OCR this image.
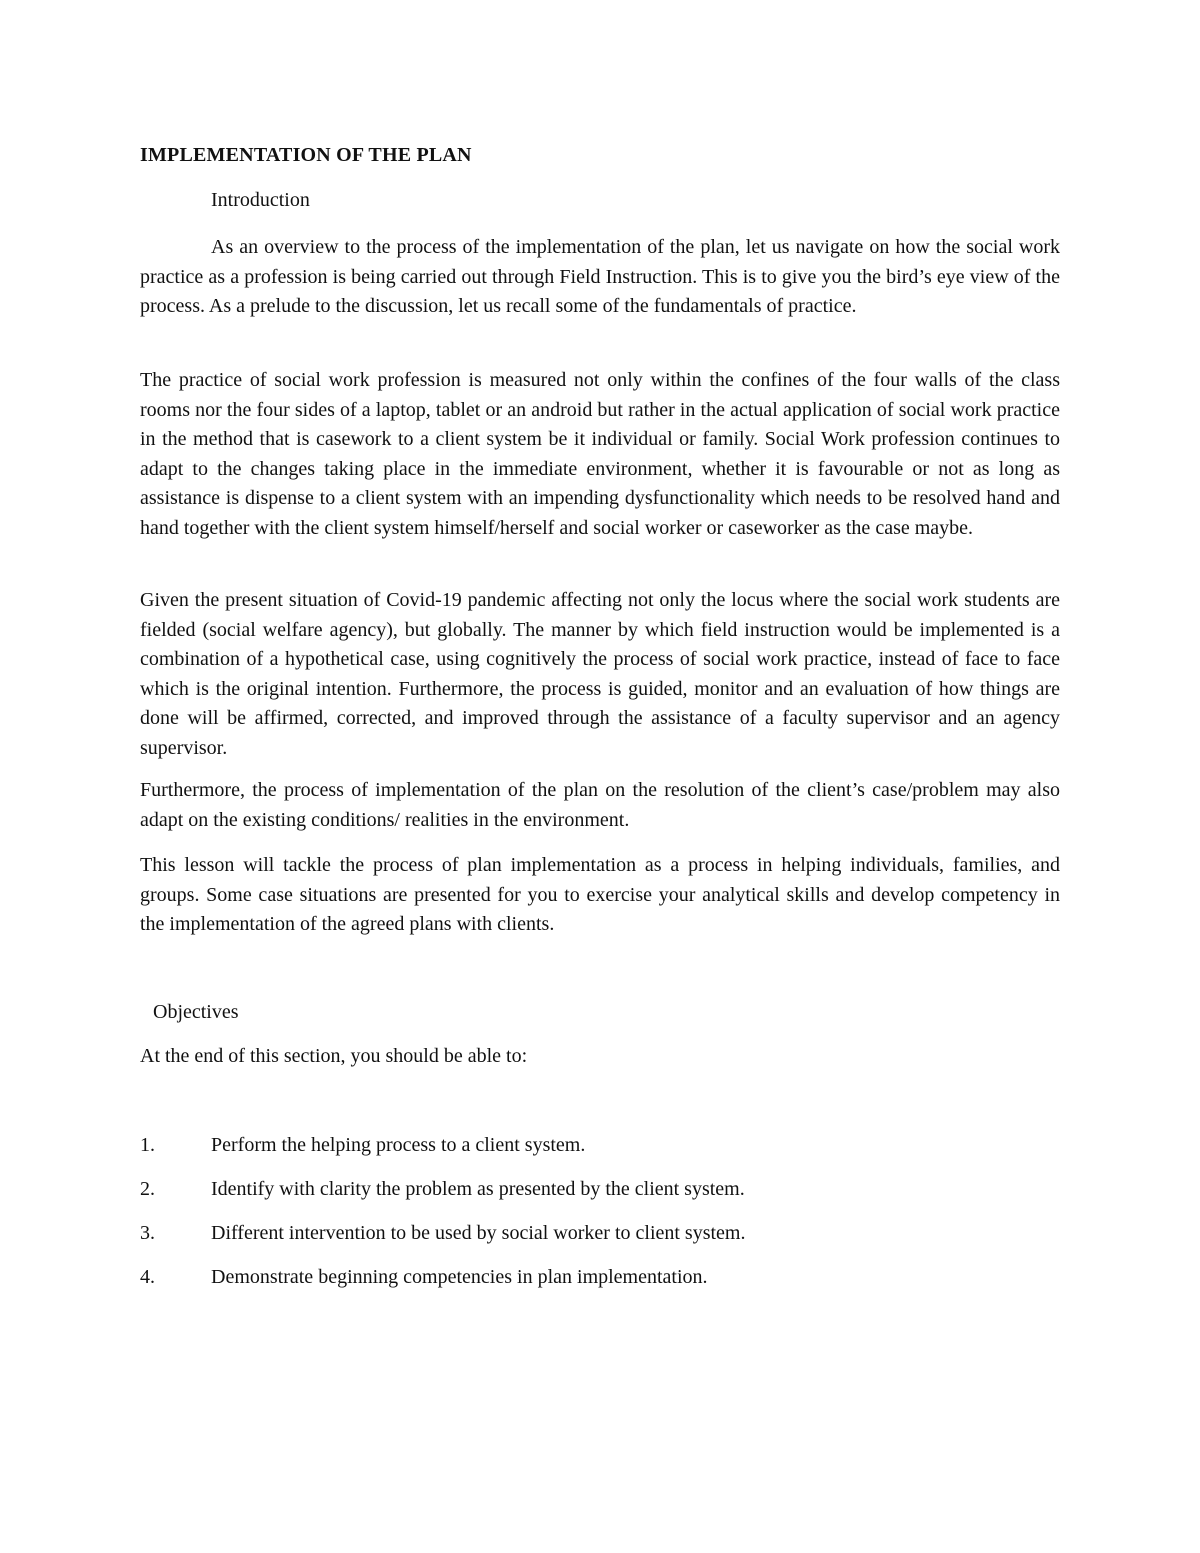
IMPLEMENTATION OF THE PLAN

Introduction

As an overview to the process of the implementation of the plan, let us navigate on how the social work practice as a profession is being carried out through Field Instruction. This is to give you the bird’s eye view of the process. As a prelude to the discussion, let us recall some of the fundamentals of practice.

The practice of social work profession is measured not only within the confines of the four walls of the class rooms nor the four sides of a laptop, tablet or an android but rather in the actual application of social work practice in the method that is casework to a client system be it individual or family. Social Work profession continues to adapt to the changes taking place in the immediate environment, whether it is favourable or not as long as assistance is dispense to a client system with an impending dysfunctionality which needs to be resolved hand and hand together with the client system himself/herself and social worker or caseworker as the case maybe.

Given the present situation of Covid-19 pandemic affecting not only the locus where the social work students are fielded (social welfare agency), but globally. The manner by which field instruction would be implemented is a combination of a hypothetical case, using cognitively the process of social work practice, instead of face to face which is the original intention. Furthermore, the process is guided, monitor and an evaluation of how things are done will be affirmed, corrected, and improved through the assistance of a faculty supervisor and an agency supervisor.

Furthermore, the process of implementation of the plan on the resolution of the client’s case/problem may also adapt on the existing conditions/ realities in the environment.

This lesson will tackle the process of plan implementation as a process in helping individuals, families, and groups. Some case situations are presented for you to exercise your analytical skills and develop competency in the implementation of the agreed plans with clients.

Objectives

At the end of this section, you should be able to:

1.	Perform the helping process to a client system.
2.	Identify with clarity the problem as presented by the client system.
3.	Different intervention to be used by social worker to client system.
4.	Demonstrate beginning competencies in plan implementation.
